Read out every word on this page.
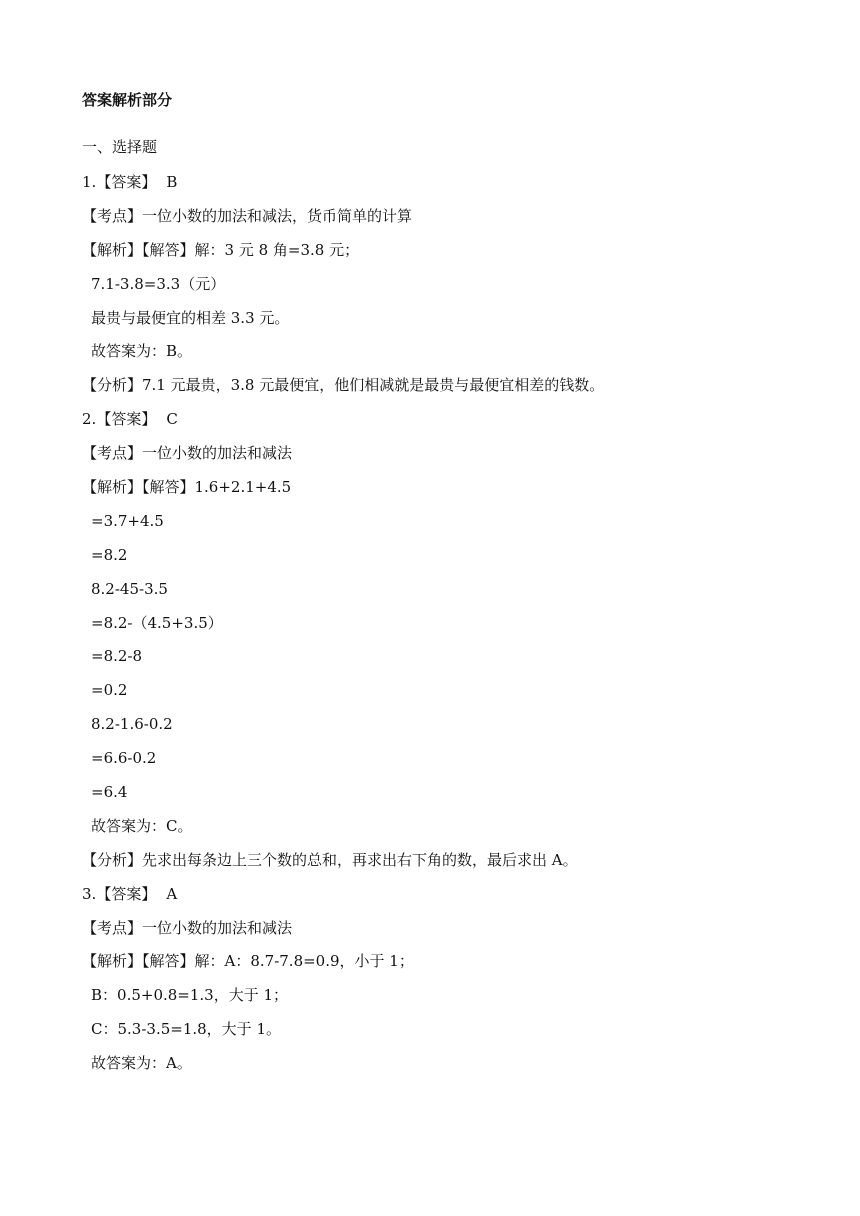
答案解析部分
一、选择题
1.【答案】 B
【考点】一位小数的加法和减法，货币简单的计算
【解析】【解答】解：3 元 8 角=3.8 元；
7.1-3.8=3.3（元）
最贵与最便宜的相差 3.3 元。
故答案为：B。
【分析】7.1 元最贵，3.8 元最便宜，他们相减就是最贵与最便宜相差的钱数。
2.【答案】 C
【考点】一位小数的加法和减法
【解析】【解答】1.6+2.1+4.5
=3.7+4.5
=8.2
8.2-45-3.5
=8.2-（4.5+3.5）
=8.2-8
=0.2
8.2-1.6-0.2
=6.6-0.2
=6.4
故答案为：C。
【分析】先求出每条边上三个数的总和，再求出右下角的数，最后求出 A。
3.【答案】 A
【考点】一位小数的加法和减法
【解析】【解答】解：A：8.7-7.8=0.9，小于 1；
B：0.5+0.8=1.3，大于 1；
C：5.3-3.5=1.8，大于 1。
故答案为：A。
